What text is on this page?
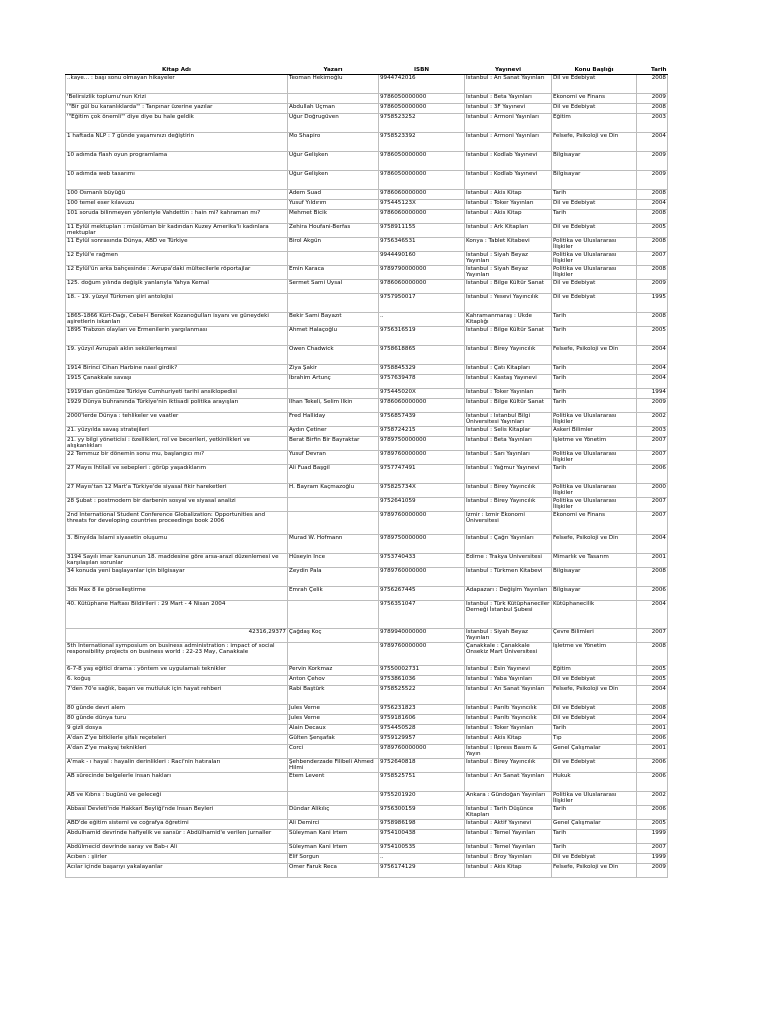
Kitap Adı	Yazarı	ISBN	Yayınevi	Konu Başlığı	Tarih
..kaye... : başı sonu olmayan hikayeler	Teoman Hekimoğlu	9944742016	İstanbul : Arı Sanat Yayınları	Dil ve Edebiyat	2008
'Belirsizlik toplumu'nun Krizi		9786050000000	İstanbul : Beta Yayınları	Ekonomi ve Finans	2009
'"Bir gül bu karanlıklarda"' : Tanpınar üzerine yazılar	Abdullah Uçman	9786050000000	İstanbul : 3F Yayınevi	Dil ve Edebiyat	2008
'"Eğitim çok önemli"' diye diye bu hale geldik	Uğur Doğrugüven	9758523252	İstanbul : Armoni Yayınları	Eğitim	2003
1 haftada NLP : 7 günde yaşamınızı değiştirin	Mo Shapiro	9758523392	İstanbul : Armoni Yayınları	Felsefe, Psikoloji ve Din	2004
10 adımda flash oyun programlama	Uğur Gelişken	9786050000000	İstanbul : Kodlab Yayınevi	Bilgisayar	2009
10 adımda web tasarımı	Uğur Gelişken	9786050000000	İstanbul : Kodlab Yayınevi	Bilgisayar	2009
100 Osmanlı büyüğü	Adem Suad	9786060000000	İstanbul : Akis Kitap	Tarih	2008
100 temel eser kılavuzu	Yusuf Yıldırım	975445123X	İstanbul : Toker Yayınları	Dil ve Edebiyat	2004
101 soruda bilinmeyen yönleriyle Vahdettin : hain mi? kahraman mı?	Mehmet Bicik	9786060000000	İstanbul : Akis Kitap	Tarih	2008
11 Eylül mektupları : müslüman bir kadından Kuzey Amerika'lı kadınlara mektuplar	Zehira Houfani-Berfas	9758911155	İstanbul : Ark Kitapları	Dil ve Edebiyat	2005
11 Eylül sonrasında Dünya, ABD ve Türkiye	Birol Akgün	9756346531	Konya : Tablet Kitabevi	Politika ve Uluslararası İlişkiler	2008
12 Eylül'e rağmen		9944490160	İstanbul : Siyah Beyaz Yayınları	Politika ve Uluslararası İlişkiler	2007
12 Eylül'ün arka bahçesinde : Avrupa'daki mültecilerle röportajlar	Emin Karaca	9789790000000	İstanbul : Siyah Beyaz Yayınları	Politika ve Uluslararası İlişkiler	2008
125. doğum yılında değişik yanlarıyla Yahya Kemal	Sermet Sami Uysal	9786060000000	İstanbul : Bilge Kültür Sanat	Dil ve Edebiyat	2009
18. - 19. yüzyıl Türkmen şiiri antolojisi		9757950017	İstanbul : Yesevi Yayıncılık	Dil ve Edebiyat	1995
1865-1866 Kürt-Dağı, Cebel-i Bereket Kozanoğulları isyanı ve güneydeki aşiretlerin iskanları	Bekir Sami Bayazıt	..	Kahramanmaraş : Ukde Kitaplığı	Tarih	2008
1895 Trabzon olayları ve Ermenilerin yargılanması	Ahmet Halaçoğlu	9756316519	İstanbul : Bilge Kültür Sanat	Tarih	2005
19. yüzyıl Avrupalı aklın sekülerleşmesi	Owen Chadwick	9758618865	İstanbul : Birey Yayıncılık	Felsefe, Psikoloji ve Din	2004
1914 Birinci Cihan Harbine nasıl girdik?	Ziya Şakir	9758845329	İstanbul : Çatı Kitapları	Tarih	2004
1915 Çanakkale savaşı	İbrahim Artunç	9757639478	İstanbul : Kastaş Yayınevi	Tarih	2004
1919'dan günümüze Türkiye Cumhuriyeti tarihi ansiklopedisi		975445020X	İstanbul : Toker Yayınları	Tarih	1994
1929 Dünya buhranında Türkiye'nin iktisadi politika arayışları	İlhan Tekeli, Selim İlkin	9786060000000	İstanbul : Bilge Kültür Sanat	Tarih	2009
2000'lerde Dünya : tehlikeler ve vaatler	Fred Halliday	9756857439	İstanbul : İstanbul Bilgi Üniversitesi Yayınları	Politika ve Uluslararası İlişkiler	2002
21. yüzyılda savaş stratejileri	Aydın Çetiner	9758724215	İstanbul : Selis Kitaplar	Askeri Bilimler	2003
21. yy bilgi yöneticisi : özellikleri, rol ve becerileri, yetkinlikleri ve alışkanlıkları	Berat Birfin Bir Bayraktar	9789750000000	İstanbul : Beta Yayınları	İşletme ve Yönetim	2007
22 Temmuz bir dönemin sonu mu, başlangıcı mı?	Yusuf Devran	9789760000000	İstanbul : Sarı Yayınları	Politika ve Uluslararası İlişkiler	2007
27 Mayıs İhtilali ve sebepleri : görüp yaşadıklarım	Ali Fuad Başgil	9757747491	İstanbul : Yağmur Yayınevi	Tarih	2006
27 Mayıs'tan 12 Mart'a Türkiye'de siyasal fikir hareketleri	H. Bayram Kaçmazoğlu	975825734X	İstanbul : Birey Yayıncılık	Politika ve Uluslararası İlişkiler	2000
28 Şubat : postmodern bir darbenin sosyal ve siyasal analizi		9752641059	İstanbul : Birey Yayıncılık	Politika ve Uluslararası İlişkiler	2007
2nd International Student Conference Globalization: Opportunities and threats for developing countries proceedings book 2006		9789760000000	İzmir : İzmir Ekonomi Üniversitesi	Ekonomi ve Finans	2007
3. Binyılda İslami siyasetin oluşumu	Murad W. Hofmann	9789750000000	İstanbul : Çağrı Yayınları	Felsefe, Psikoloji ve Din	2004
3194 Sayılı imar kanununun 18. maddesine göre arsa-arazi düzenlemesi ve karşılaşılan sorunlar	Hüseyin İnce	9753740433	Edirne : Trakya Üniversitesi	Mimarlık ve Tasarım	2001
34 konuda yeni başlayanlar için bilgisayar	Zeydin Pala	9789760000000	İstanbul : Türkmen Kitabevi	Bilgisayar	2008
3ds Max 8 ile görselleştirme	Emrah Çelik	9756267445	Adapazarı : Değişim Yayınları	Bilgisayar	2006
40. Kütüphane Haftası Bildirileri : 29 Mart - 4 Nisan 2004		9756351047	İstanbul : Türk Kütüphaneciler Derneği İstanbul Şubesi	Kütüphanecilik	2004
42316,29377	Çağdaş Koç	9789940000000	İstanbul : Siyah Beyaz Yayınları	Çevre Bilimleri	2007
5th International symposium on business administration : impact of social responsibility projects on business world : 22-23 May, Canakkale		9789760000000	Çanakkale : Çanakkale Onsekiz Mart Üniversitesi	İşletme ve Yönetim	2008
6-7-8 yaş eğitici drama : yöntem ve uygulamalı teknikler	Pervin Korkmaz	97550002731	İstanbul : Esin Yayınevi	Eğitim	2005
6. koğuş	Anton Çehov	9753861036	İstanbul : Yaba Yayınları	Dil ve Edebiyat	2005
7'den 70'e sağlık, başarı ve mutluluk için hayat rehberi	Rabi Baştürk	9758525522	İstanbul : Arı Sanat Yayınları	Felsefe, Psikoloji ve Din	2004
80 günde devri alem	Jules Verne	9756231823	İstanbul : Parıltı Yayıncılık	Dil ve Edebiyat	2008
80 günde dünya turu	Jules Verne	9759181606	İstanbul : Parıltı Yayıncılık	Dil ve Edebiyat	2004
9 gizli dosya	Alain Decaux	9754450528	İstanbul : Toker Yayınları	Tarih	2001
A'dan Z'ye bitkilerle şifalı reçeteleri	Gülten Şenşafak	9759129957	İstanbul : Akis Kitap	Tıp	2006
A'dan Z'ye makyaj teknikleri	Corci	9789760000000	İstanbul : İlpress Basım & Yayın	Genel Çalışmalar	2001
A'mak - ı hayal : hayalin derinlikleri : Raci'nin hatıraları	Şehbenderzade Filibeli Ahmed Hilmi	9752640818	İstanbul : Birey Yayıncılık	Dil ve Edebiyat	2006
AB sürecinde belgelerle insan hakları	Etem Levent	9758525751	İstanbul : Arı Sanat Yayınları	Hukuk	2006
AB ve Kıbrıs : bugünü ve geleceği		9755201920	Ankara : Gündoğan Yayınları	Politika ve Uluslararası İlişkiler	2002
Abbasi Devleti'nde Hakkari Beyliği'nde İnsan Beyleri	Dündar Alikılıç	9756300159	İstanbul : Tarih Düşünce Kitapları	Tarih	2006
ABD'de eğitim sistemi ve coğrafya öğretimi	Ali Demirci	9758986198	İstanbul : Aktif Yayınevi	Genel Çalışmalar	2005
Abdulhamid devrinde hafiyelik ve sansür : Abdülhamid'e verilen jurnaller	Süleyman Kani İrtem	9754100438	İstanbul : Temel Yayınları	Tarih	1999
Abdülmecid devrinde saray ve Bab-ı Ali	Süleyman Kani İrtem	9754100535	İstanbul : Temel Yayınları	Tarih	2007
Acıben : şiirler	Elif Sorgun	..	İstanbul : Broy Yayınları	Dil ve Edebiyat	1999
Acılar içinde başarıyı yakalayanlar	Ömer Faruk Reca	9756174129	İstanbul : Akis Kitap	Felsefe, Psikoloji ve Din	2009
